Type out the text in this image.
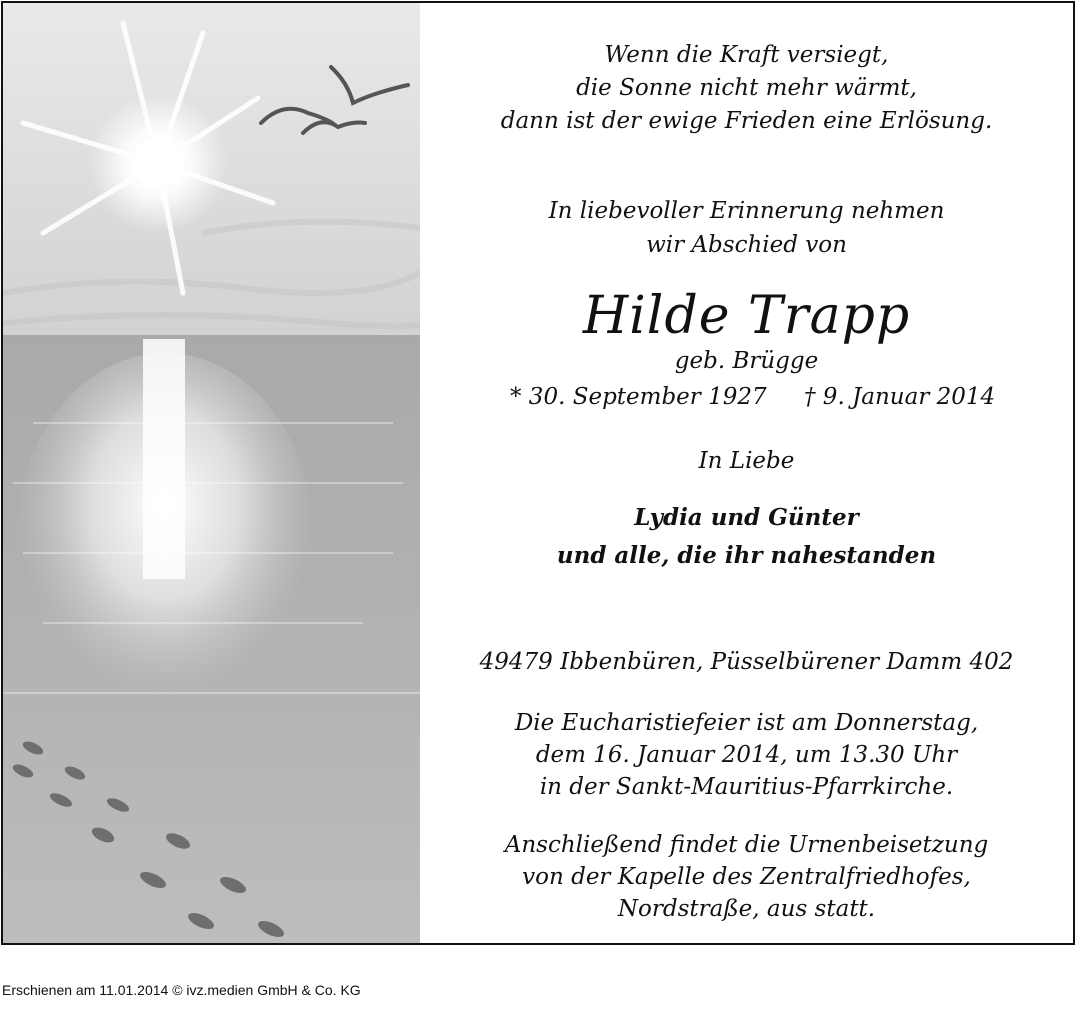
Wenn die Kraft versiegt,
die Sonne nicht mehr wärmt,
dann ist der ewige Frieden eine Erlösung.
In liebevoller Erinnerung nehmen
wir Abschied von
Hilde Trapp
geb. Brügge
* 30. September 1927 † 9. Januar 2014
In Liebe
Lydia und Günter
und alle, die ihr nahestanden
49479 Ibbenbüren, Püsselbürener Damm 402
Die Eucharistiefeier ist am Donnerstag,
dem 16. Januar 2014, um 13.30 Uhr
in der Sankt-Mauritius-Pfarrkirche.
Anschließend findet die Urnenbeisetzung
von der Kapelle des Zentralfriedhofes,
Nordstraße, aus statt.
Erschienen am 11.01.2014 © ivz.medien GmbH & Co. KG
